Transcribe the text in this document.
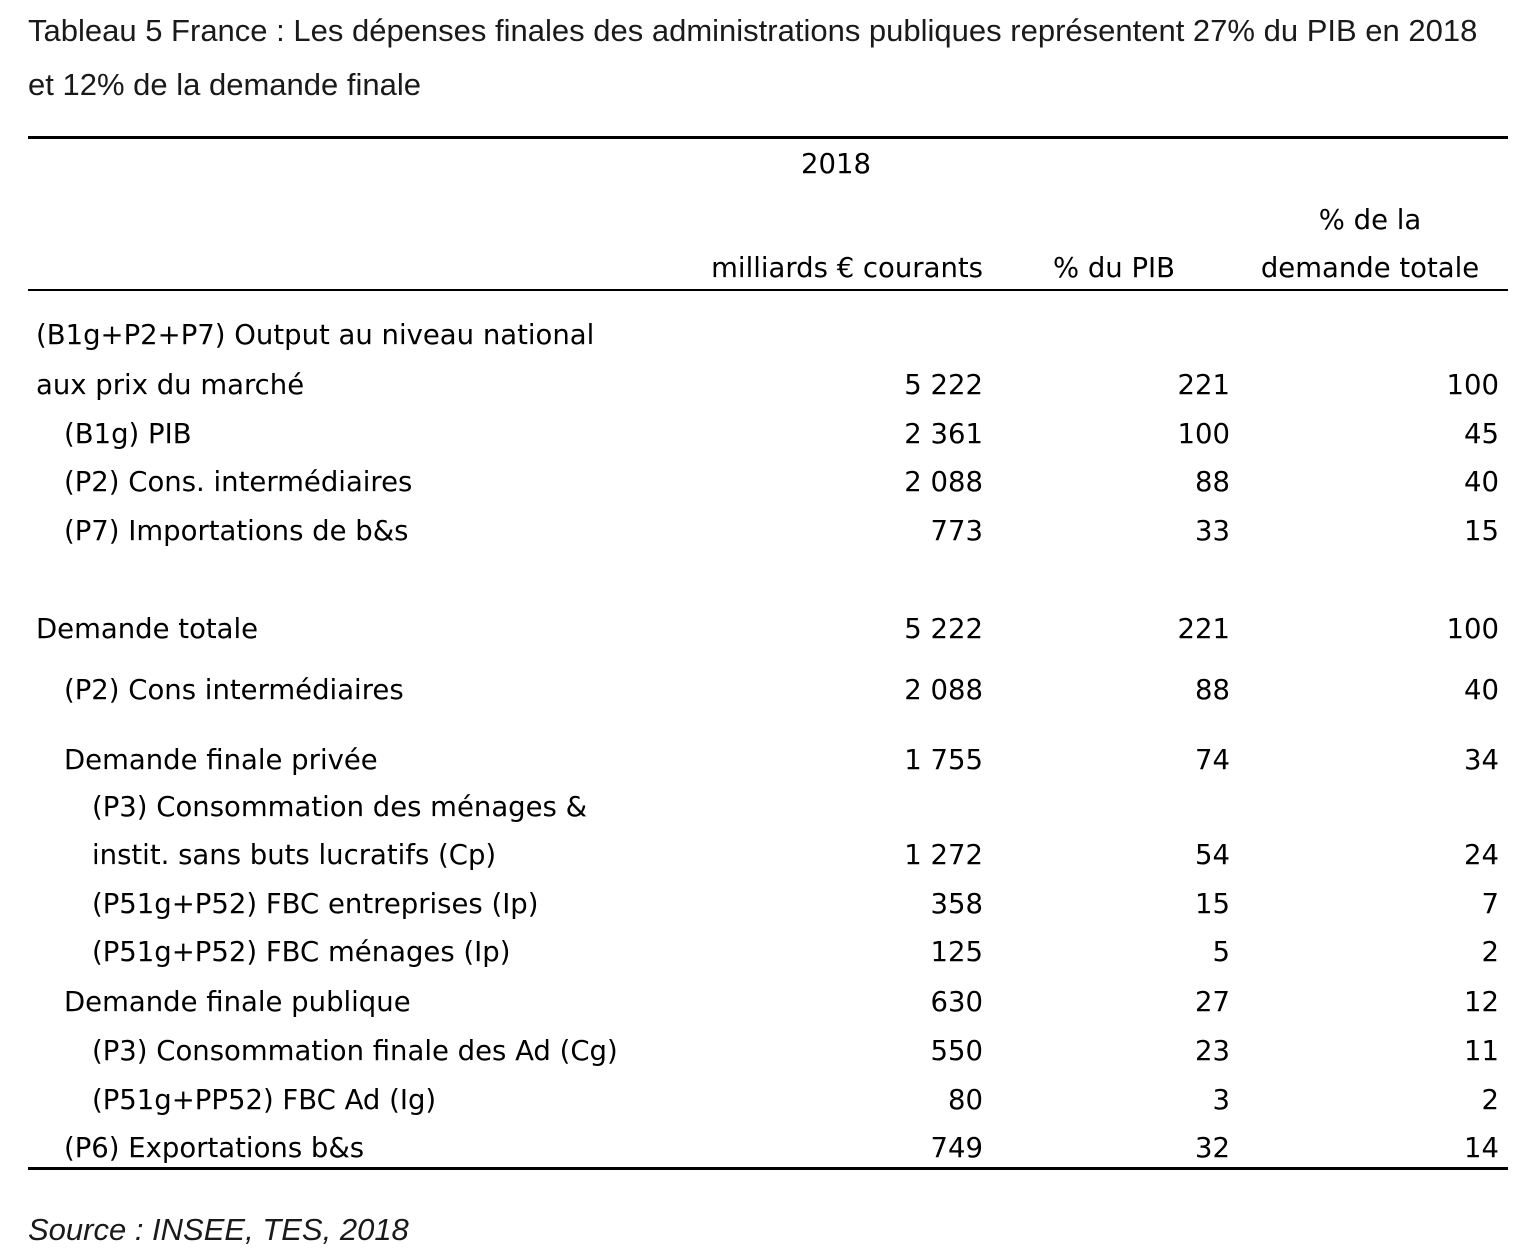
Tableau 5 France : Les dépenses finales des administrations publiques représentent 27% du PIB en 2018 et 12% de la demande finale
2018
milliards € courants	% du PIB
% de la
demande totale
(B1g+P2+P7) Output au niveau national
aux prix du marché	5 222	221	100
(B1g) PIB	2 361	100	45
(P2) Cons. intermédiaires	2 088	88	40
(P7) Importations de b&s	773	33	15
Demande totale	5 222	221	100
(P2) Cons intermédiaires	2 088	88	40
Demande finale privée	1 755	74	34
(P3) Consommation des ménages &
instit. sans buts lucratifs (Cp)	1 272	54	24
(P51g+P52) FBC entreprises (Ip)	358	15	7
(P51g+P52) FBC ménages (Ip)	125	5	2
Demande finale publique	630	27	12
(P3) Consommation finale des Ad (Cg)	550	23	11
(P51g+PP52) FBC Ad (Ig)	80	3	2
(P6) Exportations b&s	749	32	14
Source : INSEE, TES, 2018
